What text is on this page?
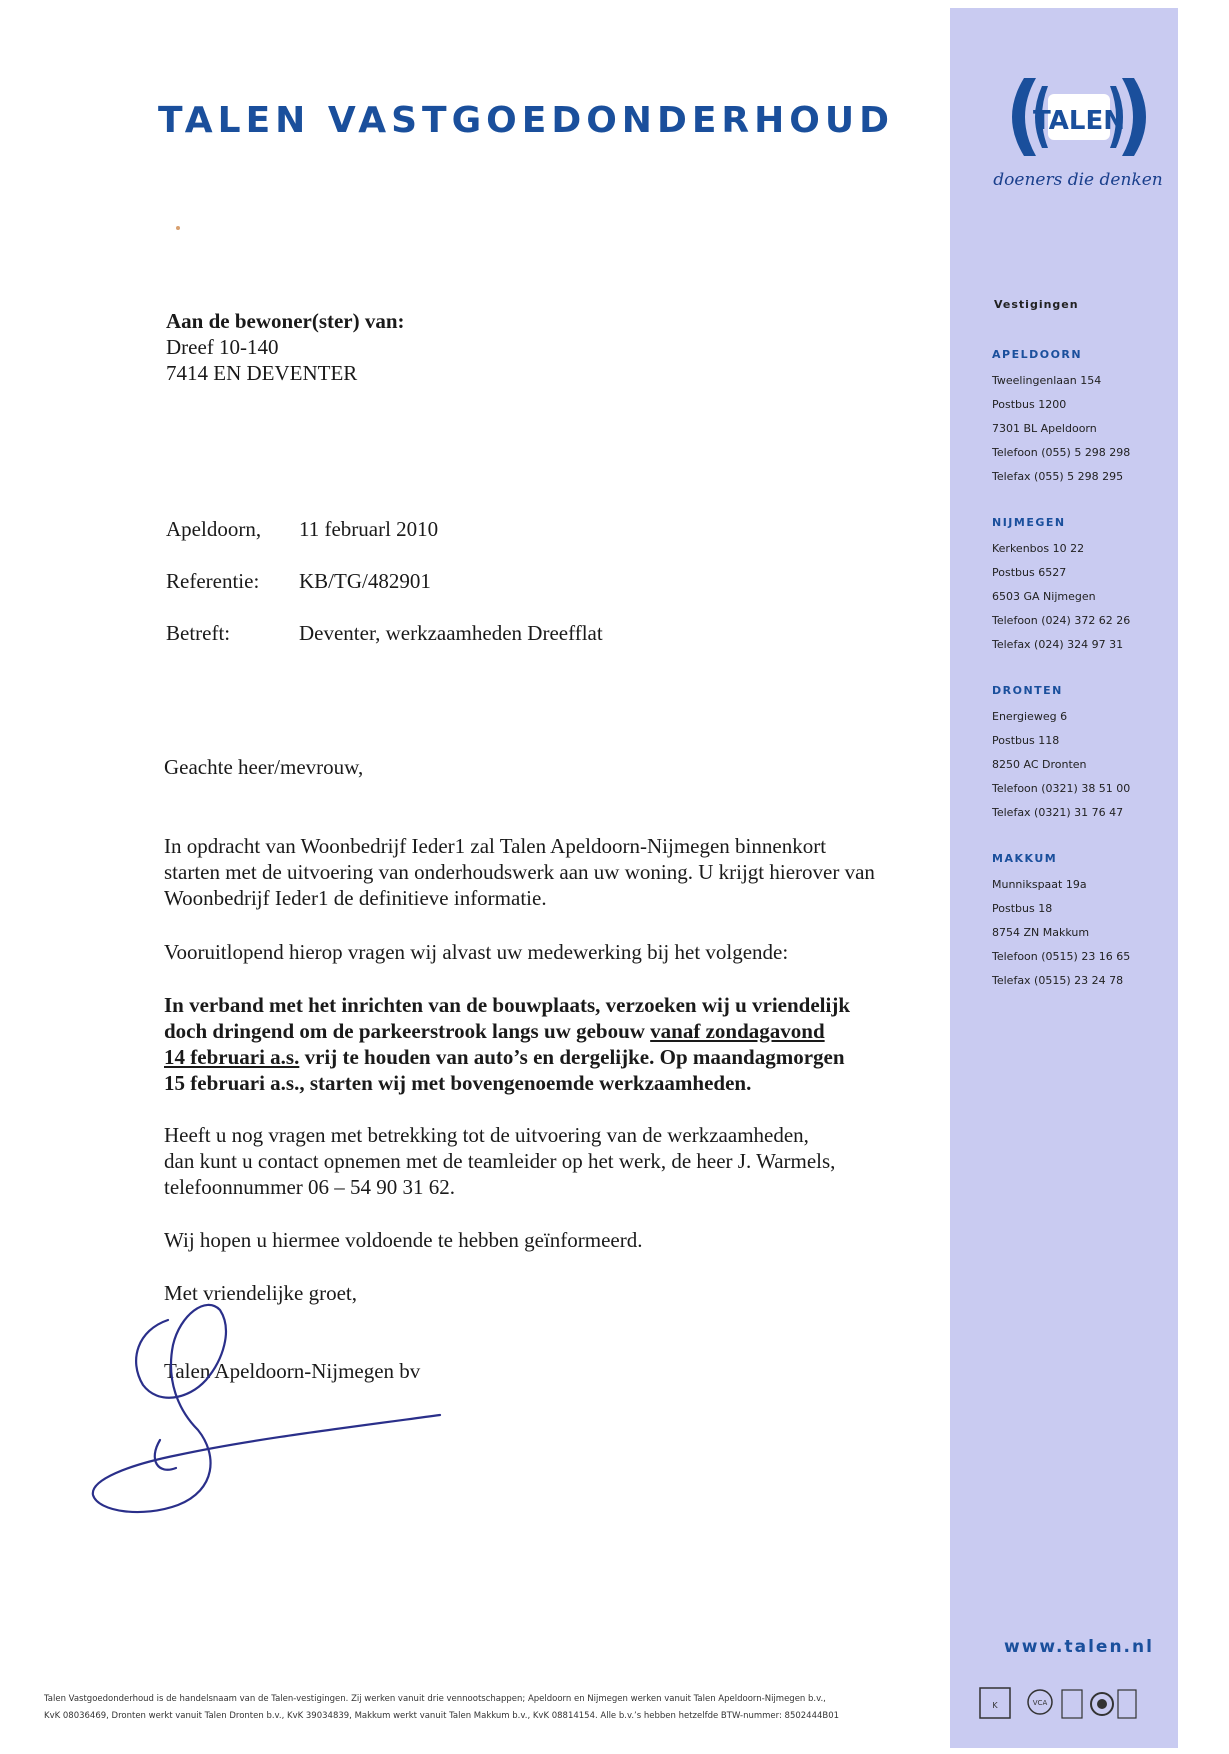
TALEN VASTGOEDONDERHOUD	TALEN
doeners die denken
Vestigingen
APELDOORN
Tweelingenlaan 154
Postbus 1200
7301 BL Apeldoorn
Telefoon (055) 5 298 298
Telefax (055) 5 298 295
NIJMEGEN
Kerkenbos 10 22
Postbus 6527
6503 GA Nijmegen
Telefoon (024) 372 62 26
Telefax (024) 324 97 31
DRONTEN
Energieweg 6
Postbus 118
8250 AC Dronten
Telefoon (0321) 38 51 00
Telefax (0321) 31 76 47
MAKKUM
Munnikspaat 19a
Postbus 18
8754 ZN Makkum
Telefoon (0515) 23 16 65
Telefax (0515) 23 24 78
www.talen.nl
K	VCA
Aan de bewoner(ster) van:
Dreef 10-140
7414 EN DEVENTER
Apeldoorn, 11 februarl 2010
Referentie: KB/TG/482901
Betreft:	Deventer, werkzaamheden Dreefflat
Geachte heer/mevrouw,
In opdracht van Woonbedrijf Ieder1 zal Talen Apeldoorn-Nijmegen binnenkort
starten met de uitvoering van onderhoudswerk aan uw woning. U krijgt hierover van
Woonbedrijf Ieder1 de definitieve informatie.
Vooruitlopend hierop vragen wij alvast uw medewerking bij het volgende:
In verband met het inrichten van de bouwplaats, verzoeken wij u vriendelijk
doch dringend om de parkeerstrook langs uw gebouw vanaf zondagavond
14 februari a.s. vrij te houden van auto’s en dergelijke. Op maandagmorgen
15 februari a.s., starten wij met bovengenoemde werkzaamheden.
Heeft u nog vragen met betrekking tot de uitvoering van de werkzaamheden,
dan kunt u contact opnemen met de teamleider op het werk, de heer J. Warmels,
telefoonnummer 06 – 54 90 31 62.
Wij hopen u hiermee voldoende te hebben geïnformeerd.
Met vriendelijke groet,
Talen Apeldoorn-Nijmegen bv
Talen Vastgoedonderhoud is de handelsnaam van de Talen-vestigingen. Zij werken vanuit drie vennootschappen; Apeldoorn en Nijmegen werken vanuit Talen Apeldoorn-Nijmegen b.v.,
KvK 08036469, Dronten werkt vanuit Talen Dronten b.v., KvK 39034839, Makkum werkt vanuit Talen Makkum b.v., KvK 08814154. Alle b.v.’s hebben hetzelfde BTW-nummer: 8502444B01
